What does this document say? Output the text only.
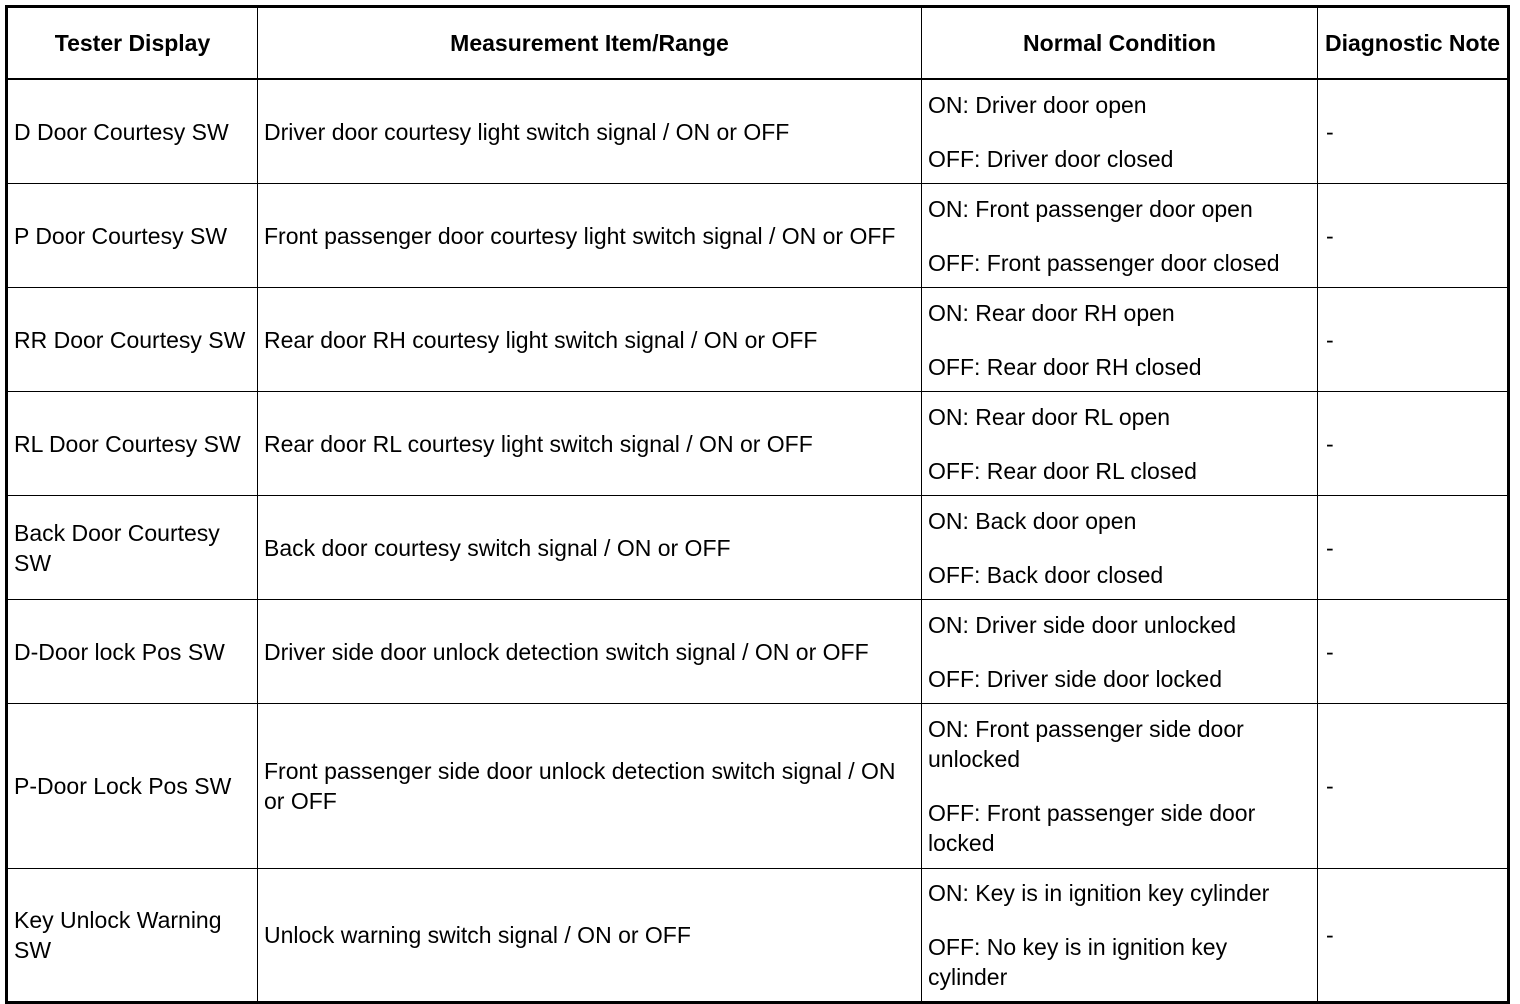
Tester Display	Measurement Item/Range	Normal Condition	Diagnostic Note
D Door Courtesy SW	Driver door courtesy light switch signal / ON or OFF	ON: Driver door open
OFF: Driver door closed	-
P Door Courtesy SW	Front passenger door courtesy light switch signal / ON or OFF	ON: Front passenger door open
OFF: Front passenger door closed	-
RR Door Courtesy SW	Rear door RH courtesy light switch signal / ON or OFF	ON: Rear door RH open
OFF: Rear door RH closed	-
RL Door Courtesy SW	Rear door RL courtesy light switch signal / ON or OFF	ON: Rear door RL open
OFF: Rear door RL closed	-
Back Door Courtesy SW	Back door courtesy switch signal / ON or OFF	ON: Back door open
OFF: Back door closed	-
D-Door lock Pos SW	Driver side door unlock detection switch signal / ON or OFF	ON: Driver side door unlocked
OFF: Driver side door locked	-
P-Door Lock Pos SW	Front passenger side door unlock detection switch signal / ON or OFF	ON: Front passenger side door unlocked
OFF: Front passenger side door locked	-
Key Unlock Warning SW	Unlock warning switch signal / ON or OFF	ON: Key is in ignition key cylinder
OFF: No key is in ignition key cylinder	-
